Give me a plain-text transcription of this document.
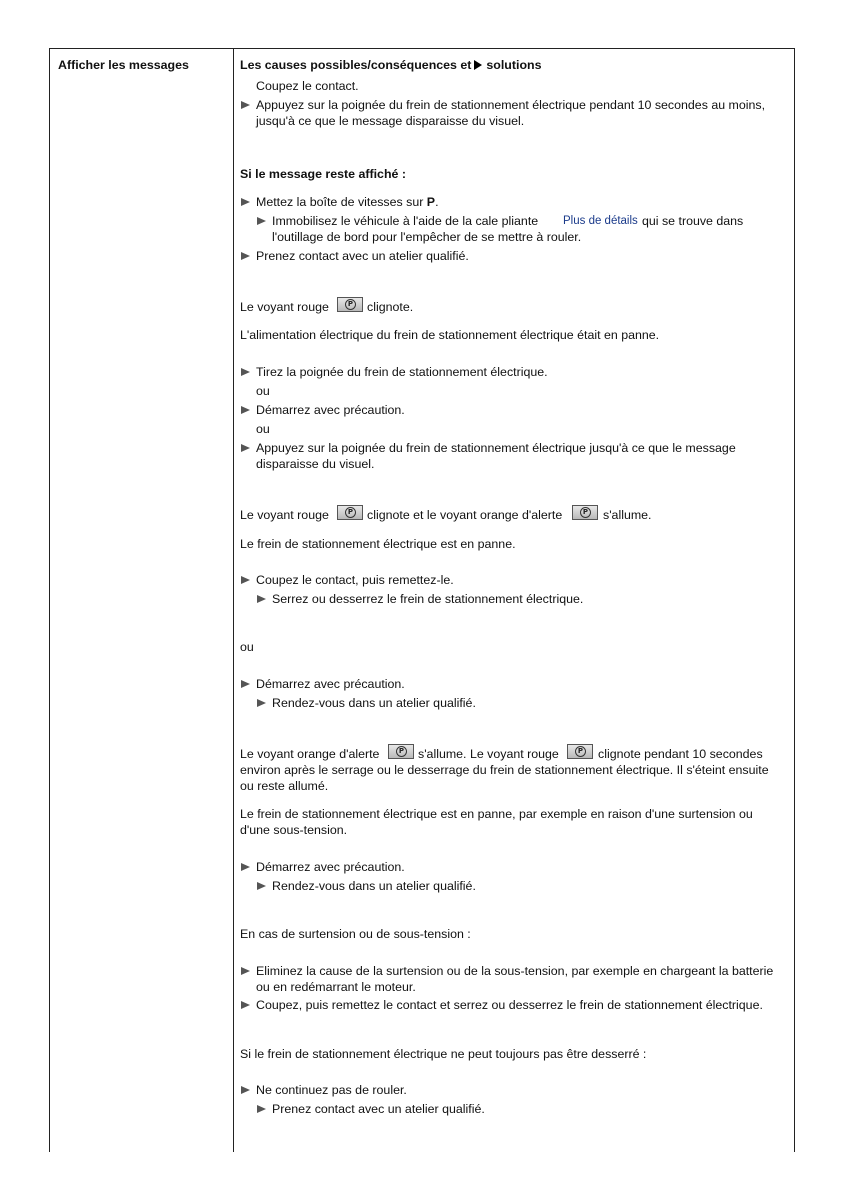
Afficher les messages	Les causes possibles/conséquences et solutions
Coupez le contact.
Appuyez sur la poignée du frein de stationnement électrique pendant 10 secondes au moins,
jusqu'à ce que le message disparaisse du visuel.
Si le message reste affiché :
Mettez la boîte de vitesses sur P.
Immobilisez le véhicule à l'aide de la cale pliante Plus de détails qui se trouve dans
l'outillage de bord pour l'empêcher de se mettre à rouler.
Prenez contact avec un atelier qualifié.
Le voyant rouge	P clignote.
L'alimentation électrique du frein de stationnement électrique était en panne.
Tirez la poignée du frein de stationnement électrique.
ou
Démarrez avec précaution.
ou
Appuyez sur la poignée du frein de stationnement électrique jusqu'à ce que le message
disparaisse du visuel.
Le voyant rouge	P clignote et le voyant orange d'alerte	P s'allume.
Le frein de stationnement électrique est en panne.
Coupez le contact, puis remettez-le.
Serrez ou desserrez le frein de stationnement électrique.
ou
Démarrez avec précaution.
Rendez-vous dans un atelier qualifié.
Le voyant orange d'alerte	P s'allume. Le voyant rouge	P clignote pendant 10 secondes
environ après le serrage ou le desserrage du frein de stationnement électrique. Il s'éteint ensuite
ou reste allumé.
Le frein de stationnement électrique est en panne, par exemple en raison d'une surtension ou
d'une sous-tension.
Démarrez avec précaution.
Rendez-vous dans un atelier qualifié.
En cas de surtension ou de sous-tension :
Eliminez la cause de la surtension ou de la sous-tension, par exemple en chargeant la batterie
ou en redémarrant le moteur.
Coupez, puis remettez le contact et serrez ou desserrez le frein de stationnement électrique.
Si le frein de stationnement électrique ne peut toujours pas être desserré :
Ne continuez pas de rouler.
Prenez contact avec un atelier qualifié.
